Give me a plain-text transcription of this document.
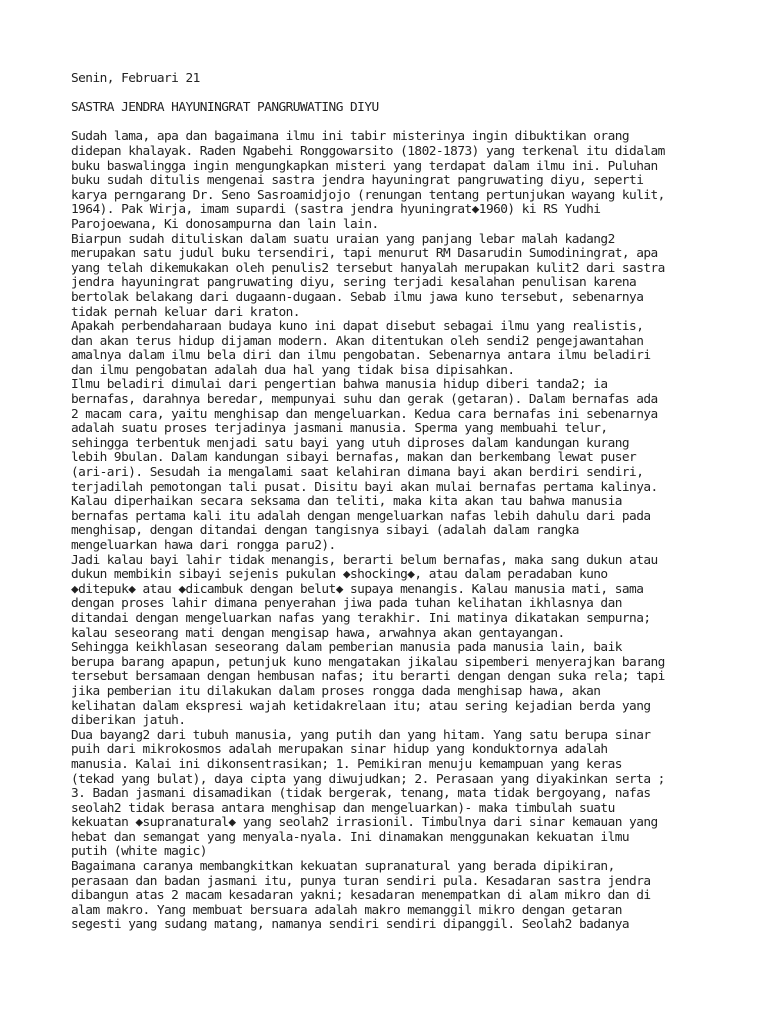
Senin, Februari 21
SASTRA JENDRA HAYUNINGRAT PANGRUWATING DIYU
Sudah lama, apa dan bagaimana ilmu ini tabir misterinya ingin dibuktikan orang
didepan khalayak. Raden Ngabehi Ronggowarsito (1802-1873) yang terkenal itu didalam
buku baswalingga ingin mengungkapkan misteri yang terdapat dalam ilmu ini. Puluhan
buku sudah ditulis mengenai sastra jendra hayuningrat pangruwating diyu, seperti
karya perngarang Dr. Seno Sasroamidjojo (renungan tentang pertunjukan wayang kulit,
1964). Pak Wirja, imam supardi (sastra jendra hyuningrat◆1960) ki RS Yudhi
Parojoewana, Ki donosampurna dan lain lain.
Biarpun sudah dituliskan dalam suatu uraian yang panjang lebar malah kadang2
merupakan satu judul buku tersendiri, tapi menurut RM Dasarudin Sumodiningrat, apa
yang telah dikemukakan oleh penulis2 tersebut hanyalah merupakan kulit2 dari sastra
jendra hayuningrat pangruwating diyu, sering terjadi kesalahan penulisan karena
bertolak belakang dari dugaann-dugaan. Sebab ilmu jawa kuno tersebut, sebenarnya
tidak pernah keluar dari kraton.
Apakah perbendaharaan budaya kuno ini dapat disebut sebagai ilmu yang realistis,
dan akan terus hidup dijaman modern. Akan ditentukan oleh sendi2 pengejawantahan
amalnya dalam ilmu bela diri dan ilmu pengobatan. Sebenarnya antara ilmu beladiri
dan ilmu pengobatan adalah dua hal yang tidak bisa dipisahkan.
Ilmu beladiri dimulai dari pengertian bahwa manusia hidup diberi tanda2; ia
bernafas, darahnya beredar, mempunyai suhu dan gerak (getaran). Dalam bernafas ada
2 macam cara, yaitu menghisap dan mengeluarkan. Kedua cara bernafas ini sebenarnya
adalah suatu proses terjadinya jasmani manusia. Sperma yang membuahi telur,
sehingga terbentuk menjadi satu bayi yang utuh diproses dalam kandungan kurang
lebih 9bulan. Dalam kandungan sibayi bernafas, makan dan berkembang lewat puser
(ari-ari). Sesudah ia mengalami saat kelahiran dimana bayi akan berdiri sendiri,
terjadilah pemotongan tali pusat. Disitu bayi akan mulai bernafas pertama kalinya.
Kalau diperhaikan secara seksama dan teliti, maka kita akan tau bahwa manusia
bernafas pertama kali itu adalah dengan mengeluarkan nafas lebih dahulu dari pada
menghisap, dengan ditandai dengan tangisnya sibayi (adalah dalam rangka
mengeluarkan hawa dari rongga paru2).
Jadi kalau bayi lahir tidak menangis, berarti belum bernafas, maka sang dukun atau
dukun membikin sibayi sejenis pukulan ◆shocking◆, atau dalam peradaban kuno
◆ditepuk◆ atau ◆dicambuk dengan belut◆ supaya menangis. Kalau manusia mati, sama
dengan proses lahir dimana penyerahan jiwa pada tuhan kelihatan ikhlasnya dan
ditandai dengan mengeluarkan nafas yang terakhir. Ini matinya dikatakan sempurna;
kalau seseorang mati dengan mengisap hawa, arwahnya akan gentayangan.
Sehingga keikhlasan seseorang dalam pemberian manusia pada manusia lain, baik
berupa barang apapun, petunjuk kuno mengatakan jikalau sipemberi menyerajkan barang
tersebut bersamaan dengan hembusan nafas; itu berarti dengan dengan suka rela; tapi
jika pemberian itu dilakukan dalam proses rongga dada menghisap hawa, akan
kelihatan dalam ekspresi wajah ketidakrelaan itu; atau sering kejadian berda yang
diberikan jatuh.
Dua bayang2 dari tubuh manusia, yang putih dan yang hitam. Yang satu berupa sinar
puih dari mikrokosmos adalah merupakan sinar hidup yang konduktornya adalah
manusia. Kalai ini dikonsentrasikan; 1. Pemikiran menuju kemampuan yang keras
(tekad yang bulat), daya cipta yang diwujudkan; 2. Perasaan yang diyakinkan serta ;
3. Badan jasmani disamadikan (tidak bergerak, tenang, mata tidak bergoyang, nafas
seolah2 tidak berasa antara menghisap dan mengeluarkan)- maka timbulah suatu
kekuatan ◆supranatural◆ yang seolah2 irrasionil. Timbulnya dari sinar kemauan yang
hebat dan semangat yang menyala-nyala. Ini dinamakan menggunakan kekuatan ilmu
putih (white magic)
Bagaimana caranya membangkitkan kekuatan supranatural yang berada dipikiran,
perasaan dan badan jasmani itu, punya turan sendiri pula. Kesadaran sastra jendra
dibangun atas 2 macam kesadaran yakni; kesadaran menempatkan di alam mikro dan di
alam makro. Yang membuat bersuara adalah makro memanggil mikro dengan getaran
segesti yang sudang matang, namanya sendiri sendiri dipanggil. Seolah2 badanya
